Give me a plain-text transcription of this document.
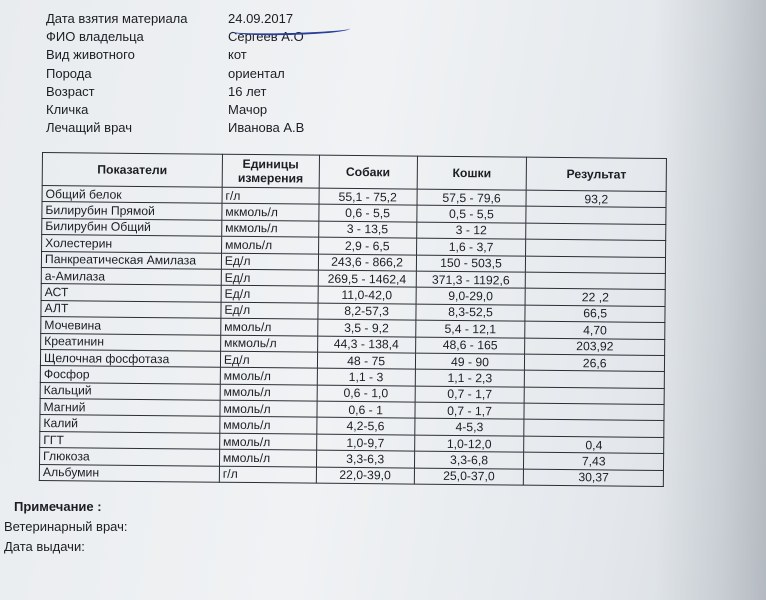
Дата взятия материала	24.09.2017
ФИО владельца	Сергеев А.О
Вид животного	кот
Порода	ориентал
Возраст	16 лет
Кличка	Мачор
Лечащий врач	Иванова А.В
Показатели	Единицы измерения	Собаки	Кошки	Результат
Общий белок	г/л	55,1 - 75,2	57,5 - 79,6	93,2
Билирубин Прямой	мкмоль/л	0,6 - 5,5	0,5 - 5,5	
Билирубин Общий	мкмоль/л	3 - 13,5	3 - 12	
Холестерин	ммоль/л	2,9 - 6,5	1,6 - 3,7	
Панкреатическая Амилаза	Ед/л	243,6 - 866,2	150 - 503,5	
а-Амилаза	Ед/л	269,5 - 1462,4	371,3 - 1192,6	
АСТ	Ед/л	11,0-42,0	9,0-29,0	22 ,2
АЛТ	Ед/л	8,2-57,3	8,3-52,5	66,5
Мочевина	ммоль/л	3,5 - 9,2	5,4 - 12,1	4,70
Креатинин	мкмоль/л	44,3 - 138,4	48,6 - 165	203,92
Щелочная фосфотаза	Ед/л	48 - 75	49 - 90	26,6
Фосфор	ммоль/л	1,1 - 3	1,1 - 2,3	
Кальций	ммоль/л	0,6 - 1,0	0,7 - 1,7	
Магний	ммоль/л	0,6 - 1	0,7 - 1,7	
Калий	ммоль/л	4,2-5,6	4-5,3	
ГГТ	ммоль/л	1,0-9,7	1,0-12,0	0,4
Глюкоза	ммоль/л	3,3-6,3	3,3-6,8	7,43
Альбумин	г/л	22,0-39,0	25,0-37,0	30,37
Примечание :
Ветеринарный врач:
Дата выдачи:
